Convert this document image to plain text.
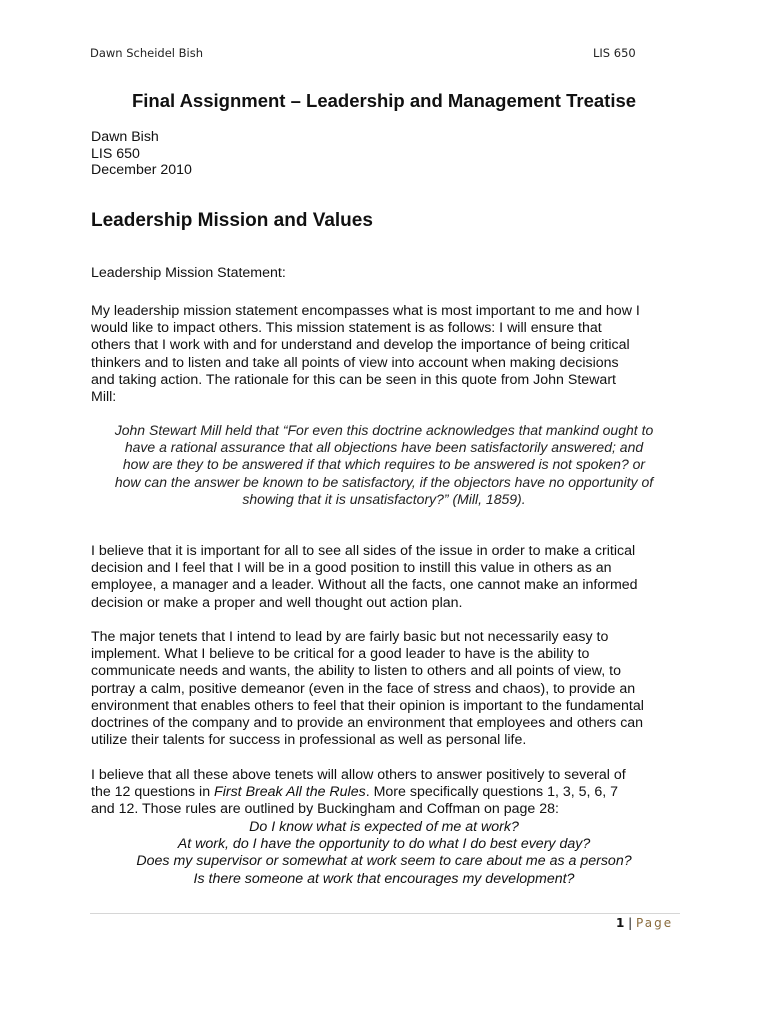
Dawn Scheidel Bish	LIS 650
Final Assignment – Leadership and Management Treatise
Dawn Bish
LIS 650
December 2010
Leadership Mission and Values

Leadership Mission Statement:

My leadership mission statement encompasses what is most important to me and how I
would like to impact others. This mission statement is as follows: I will ensure that
others that I work with and for understand and develop the importance of being critical
thinkers and to listen and take all points of view into account when making decisions
and taking action. The rationale for this can be seen in this quote from John Stewart
Mill:

John Stewart Mill held that “For even this doctrine acknowledges that mankind ought to
have a rational assurance that all objections have been satisfactorily answered; and
how are they to be answered if that which requires to be answered is not spoken? or
how can the answer be known to be satisfactory, if the objectors have no opportunity of
showing that it is unsatisfactory?” (Mill, 1859).

I believe that it is important for all to see all sides of the issue in order to make a critical
decision and I feel that I will be in a good position to instill this value in others as an
employee, a manager and a leader. Without all the facts, one cannot make an informed
decision or make a proper and well thought out action plan.

The major tenets that I intend to lead by are fairly basic but not necessarily easy to
implement. What I believe to be critical for a good leader to have is the ability to
communicate needs and wants, the ability to listen to others and all points of view, to
portray a calm, positive demeanor (even in the face of stress and chaos), to provide an
environment that enables others to feel that their opinion is important to the fundamental
doctrines of the company and to provide an environment that employees and others can
utilize their talents for success in professional as well as personal life.

I believe that all these above tenets will allow others to answer positively to several of
the 12 questions in First Break All the Rules. More specifically questions 1, 3, 5, 6, 7
and 12. Those rules are outlined by Buckingham and Coffman on page 28:

Do I know what is expected of me at work?
At work, do I have the opportunity to do what I do best every day?
Does my supervisor or somewhat at work seem to care about me as a person?
Is there someone at work that encourages my development?
1 | Page
